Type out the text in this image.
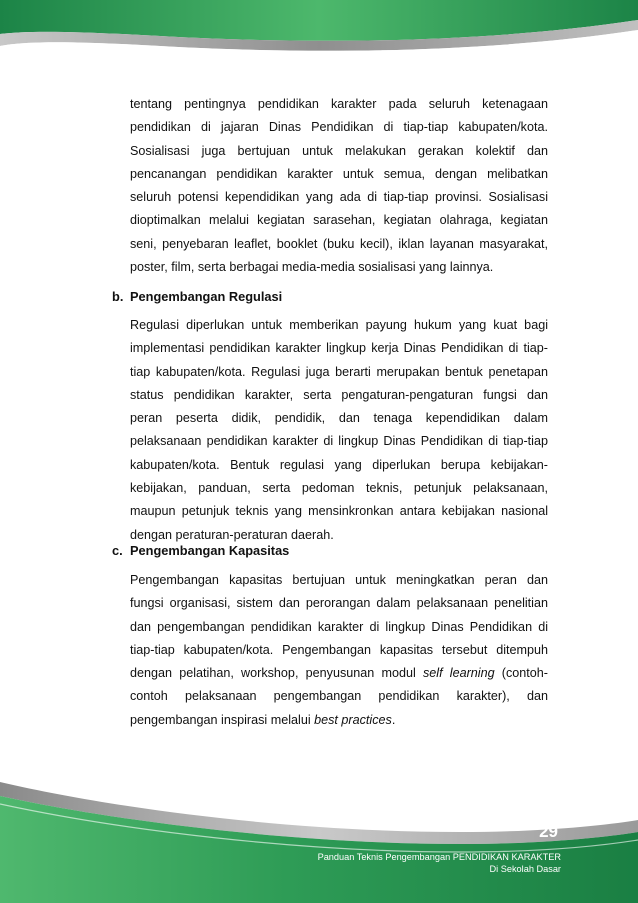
tentang pentingnya pendidikan karakter pada seluruh ketenagaan
pendidikan di jajaran Dinas Pendidikan di tiap-tiap kabupaten/kota.
Sosialisasi juga bertujuan untuk melakukan gerakan kolektif dan
pencanangan pendidikan karakter untuk semua, dengan melibatkan
seluruh potensi kependidikan yang ada di tiap-tiap provinsi. Sosialisasi
dioptimalkan melalui kegiatan sarasehan, kegiatan olahraga, kegiatan
seni, penyebaran leaflet, booklet (buku kecil), iklan layanan masyarakat,
poster, film, serta berbagai media-media sosialisasi yang lainnya.
b. Pengembangan Regulasi
Regulasi diperlukan untuk memberikan payung hukum yang kuat bagi
implementasi pendidikan karakter lingkup kerja Dinas Pendidikan di tiap-
tiap kabupaten/kota. Regulasi juga berarti merupakan bentuk penetapan
status pendidikan karakter, serta pengaturan-pengaturan fungsi dan
peran peserta didik, pendidik, dan tenaga kependidikan dalam
pelaksanaan pendidikan karakter di lingkup Dinas Pendidikan di tiap-tiap
kabupaten/kota. Bentuk regulasi yang diperlukan berupa kebijakan-
kebijakan, panduan, serta pedoman teknis, petunjuk pelaksanaan,
maupun petunjuk teknis yang mensinkronkan antara kebijakan nasional
dengan peraturan-peraturan daerah.
c. Pengembangan Kapasitas
Pengembangan kapasitas bertujuan untuk meningkatkan peran dan
fungsi organisasi, sistem dan perorangan dalam pelaksanaan penelitian
dan pengembangan pendidikan karakter di lingkup Dinas Pendidikan di
tiap-tiap kabupaten/kota. Pengembangan kapasitas tersebut ditempuh
dengan pelatihan, workshop, penyusunan modul self learning (contoh-
contoh pelaksanaan pengembangan pendidikan karakter), dan
pengembangan inspirasi melalui best practices.
29
Panduan Teknis Pengembangan PENDIDIKAN KARAKTER
Di Sekolah Dasar
